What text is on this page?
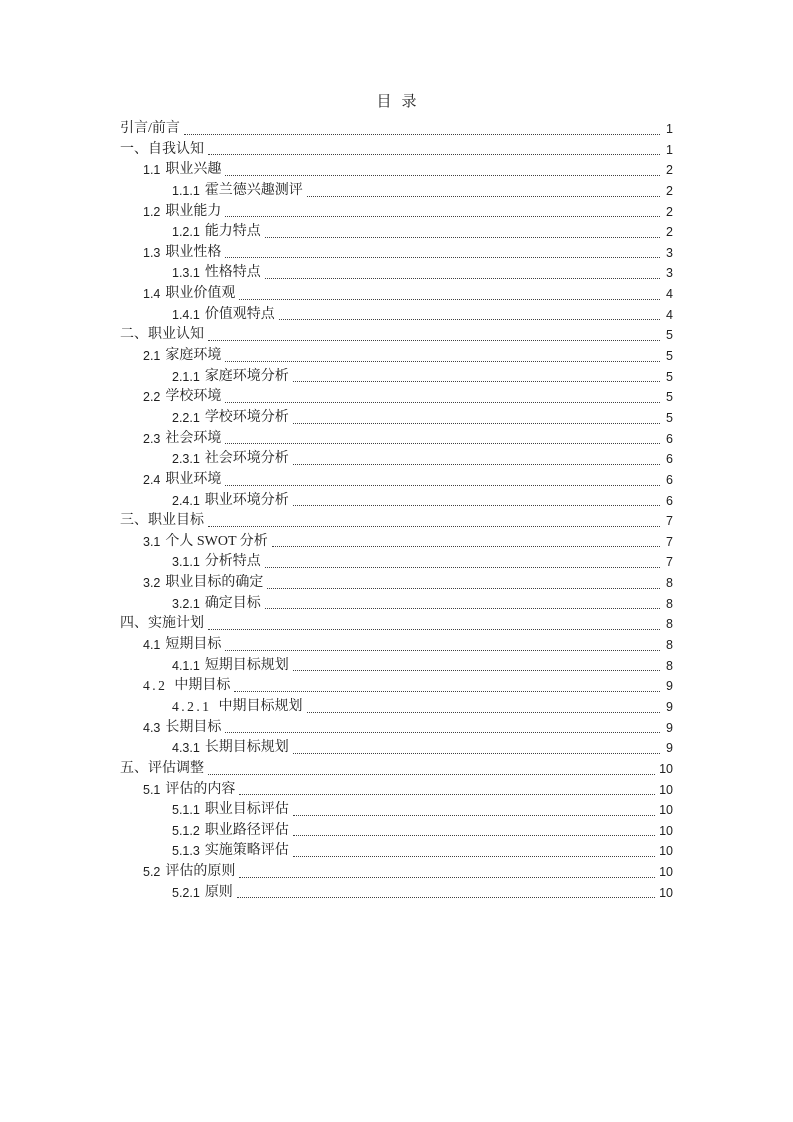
目录
引言/前言	1
一、 自我认知	1
1.1 职业兴趣	2
1.1.1 霍兰德兴趣测评	2
1.2 职业能力	2
1.2.1 能力特点	2
1.3 职业性格	3
1.3.1 性格特点	3
1.4 职业价值观	4
1.4.1 价值观特点	4
二、 职业认知	5
2.1 家庭环境	5
2.1.1 家庭环境分析	5
2.2 学校环境	5
2.2.1 学校环境分析	5
2.3 社会环境	6
2.3.1 社会环境分析	6
2.4 职业环境	6
2.4.1 职业环境分析	6
三、 职业目标	7
3.1 个人 SWOT 分析	7
3.1.1 分析特点	7
3.2 职业目标的确定	8
3.2.1 确定目标	8
四、 实施计划	8
4.1 短期目标	8
4.1.1 短期目标规划	8
4.2 中期目标	9
4.2.1 中期目标规划	9
4.3 长期目标	9
4.3.1 长期目标规划	9
五、 评估调整	10
5.1 评估的内容	10
5.1.1 职业目标评估	10
5.1.2 职业路径评估	10
5.1.3 实施策略评估	10
5.2 评估的原则	10
5.2.1 原则	10
